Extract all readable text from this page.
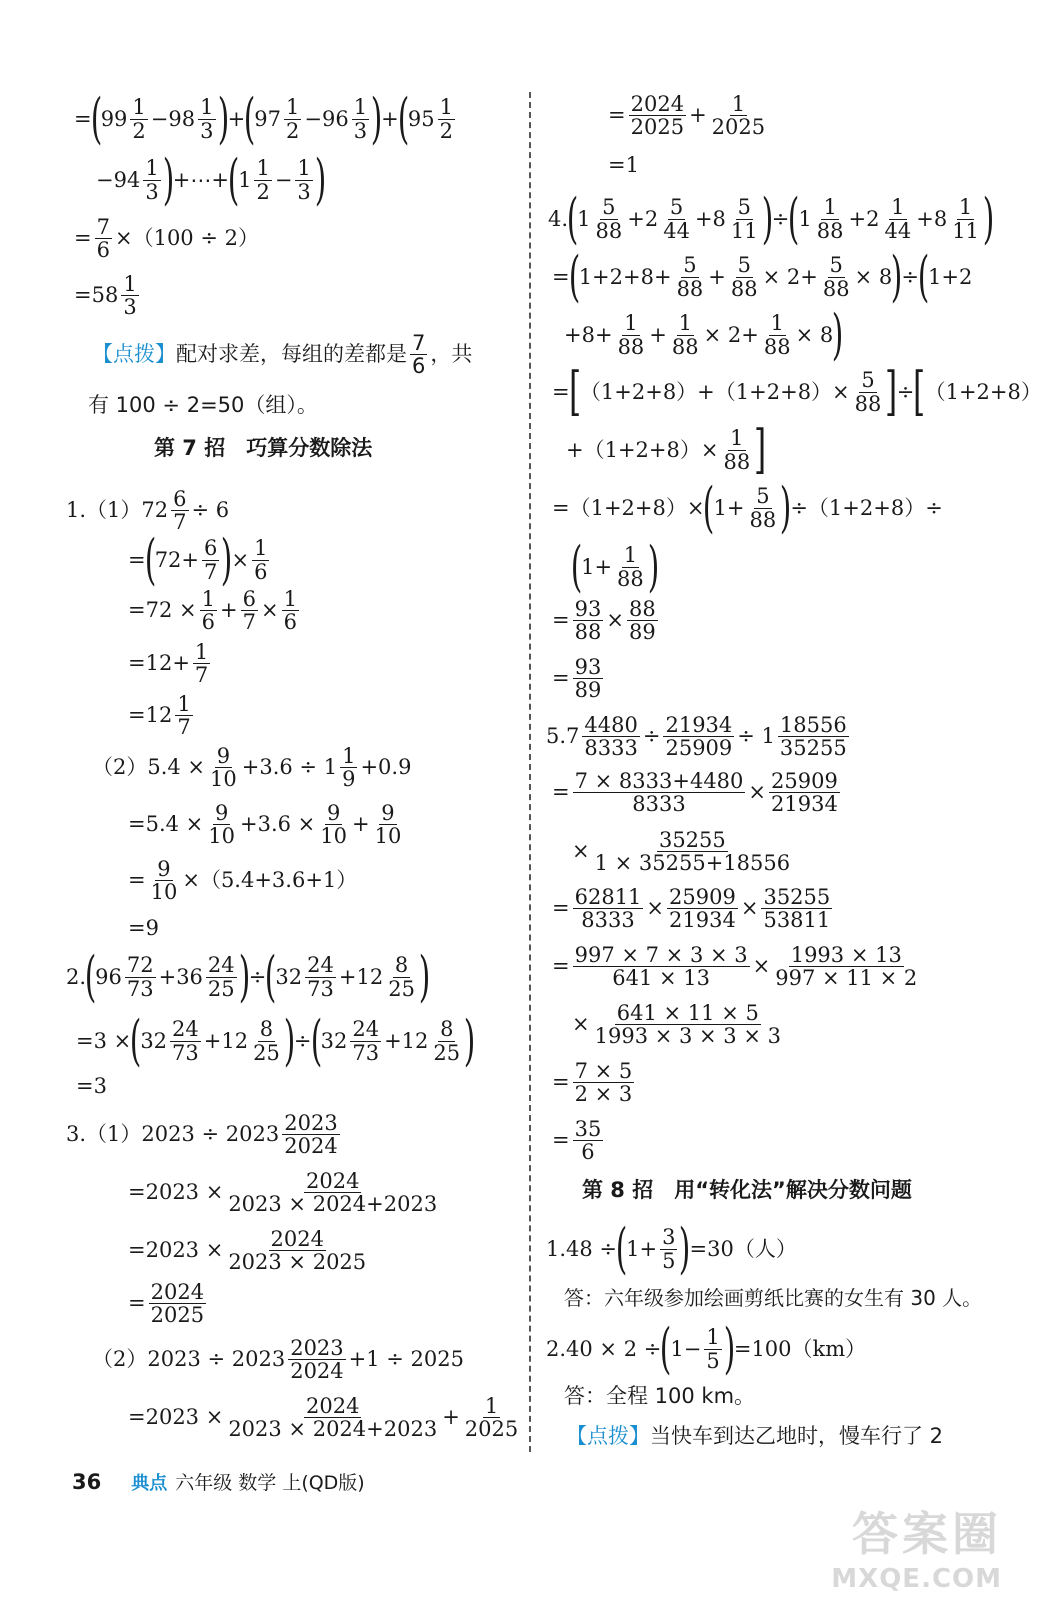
=
(
99 1
2 −98 1
3 )
+
(
97 1
2 −96 1
3 )
+
(
95 1
2
−94 1
3 )
+⋯+
(
1 1
$2 - \frac{1}{3}$ )
= $\frac{7}{6} \times(100 \div 2)$
=58 1
3
【点拨】 配对求差，每组的差都是 7
6 ，共
有 100 ÷ 2=50（组）。
第 7 招　巧算分数除法
$1.(1)72 \frac{6}{7} \div 6$
=
(
$72+ \frac{6}{7}$ )
× $\frac{1}{6}$
$=72 \times \frac{1}{6} + \frac{6}{7} \times \frac{1}{6}$
$=12+ \frac{1}{7}$
=12 1
7
$(2)5.4 \times \frac{9}{10} +3.6 \div 1$ 1
9 +0.9
$=5.4 \times \frac{9}{10} +3.6 \times \frac{9}{10} + \frac{9}{10}$
= $\frac{9}{10} \times(5.4+3.6+1)$
=9
2.
(
96 72
73 +36 24
25 )
÷
(
32 24
73 +12 8
25 )
=3 ×
(
32 24
73 +12 8
25 )
÷
(
32 24
73 +12 8
25 )
=3
3.（1）2023 ÷ 2023 2023
2024
$=2023 \times \frac{2024}{2023 \times 2024+2023}$
$=2023 \times \frac{2024}{2023 \times 2025}$
= $\frac{2024}{2025}$
（2）2023 ÷ 2023 2023
2024 +1 ÷ 2025
$=2023 \times \frac{2024}{2023 \times 2024+2023} + \frac{1}{2025}$
= $\frac{2024}{2025} + \frac{1}{2025}$
=1
4.
(
1 5
88 +2 5
44 +8 5
11 )
÷
(
1 1
88 +2 1
44 +8 1
11 )
=
(
$1+2+8+ \frac{5}{88} + \frac{5}{88} \times 2+ \frac{5}{88} \times 8$
)
÷
(
1+2
$+8+ \frac{1}{88} + \frac{1}{88} \times 2+ \frac{1}{88} \times 8$
)
= [ $(1+2+8)+(1+2+8)\times \frac{5}{88}$ ] ÷ [ （1+2+8）
$+(1+2+8)\times \frac{1}{88}$ ]
=（1+2+8）×
(
$1+ \frac{5}{88}$ )
÷（1+2+8）÷
(
$1+ \frac{1}{88}$ )
= $\frac{93}{88} \times \frac{88}{89}$
= $\frac{93}{89}$
$5.7 \frac{4480}{8333} \div \frac{21934}{25909} \div 1$ 18556
35255
= $\frac{7 \times 8333+4480}{8333} \times \frac{25909}{21934}$
× $\frac{35255}{1 \times 35255+18556}$
= $\frac{62811}{8333} \times \frac{25909}{21934} \times \frac{35255}{53811}$
= $\frac{997 \times 7 \times 3 \times 3}{641 \times 13} \times \frac{1993 \times 13}{997 \times 11 \times 2}$
× $\frac{641 \times 11 \times 5}{1993 \times 3 \times 3 \times 3}$
= $\frac{7 \times 5}{2 \times 3}$
= $\frac{35}{6}$
第 8 招　用“转化法”解决分数问题
1.48 ÷
(
$1+ \frac{3}{5}$ )
=30（人）
答：六年级参加绘画剪纸比赛的女生有 30 人。
2.40 × 2 ÷
(
$1- \frac{1}{5}$ )
=100（km）
答：全程 100 km。
【点拨】 当快车到达乙地时，慢车行了 2
36 典点 六年级 数学 上(QD版)
答案圈
MXQE.COM
